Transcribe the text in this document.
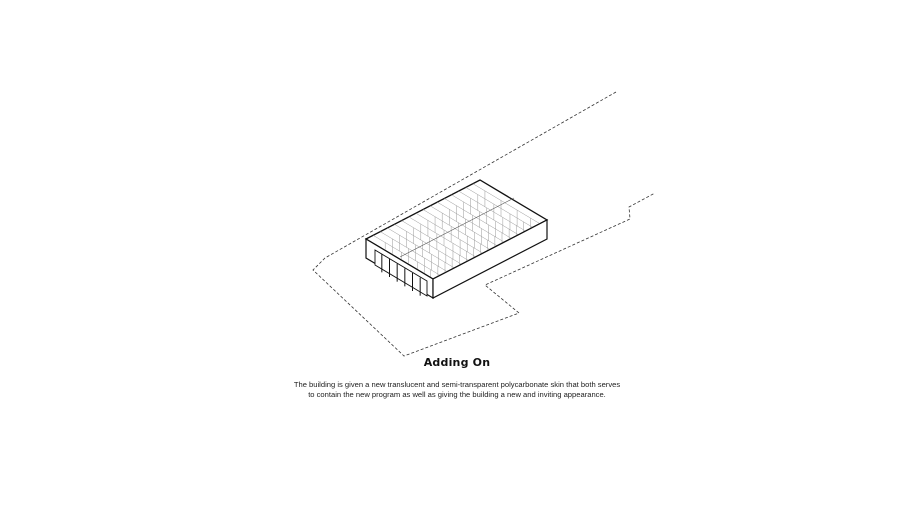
Adding On
The building is given a new translucent and semi-transparent polycarbonate skin that both serves to contain the new program as well as giving the building a new and inviting appearance.
